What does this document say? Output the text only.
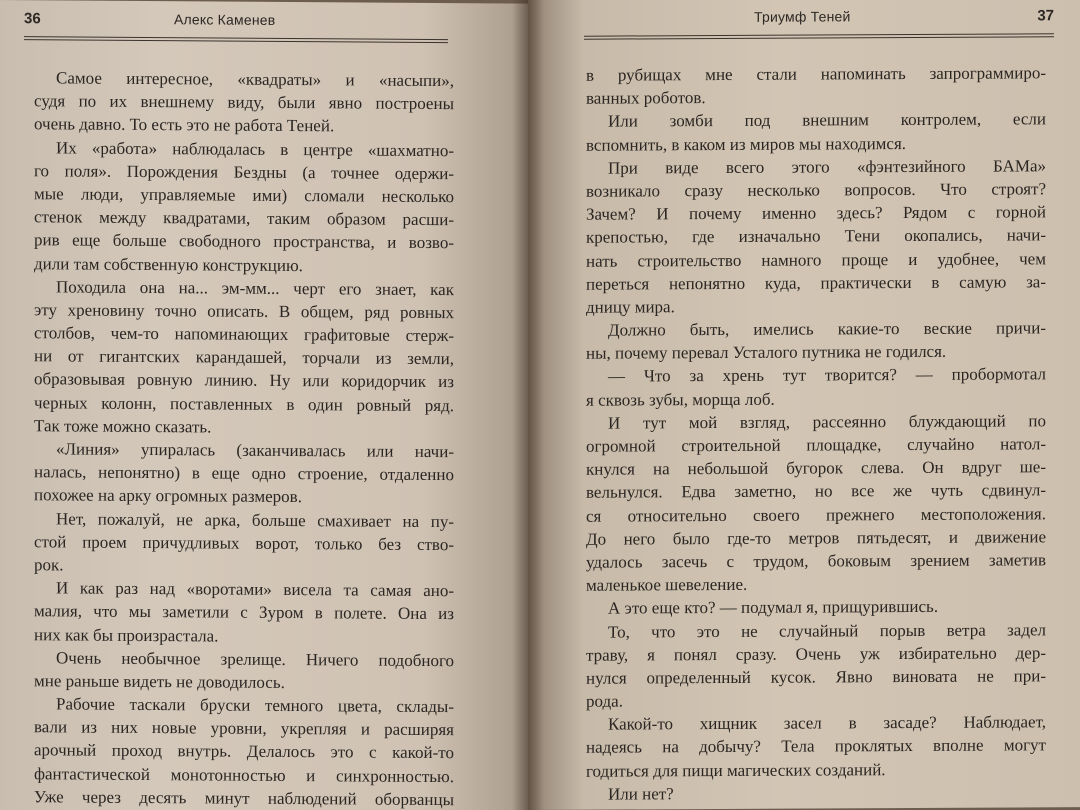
36	Алекс Каменев
Самое интересное, «квадраты» и «насыпи»,
судя по их внешнему виду, были явно построены
очень давно. То есть это не работа Теней.
Их «работа» наблюдалась в центре «шахматно-
го поля». Порождения Бездны (а точнее одержи-
мые люди, управляемые ими) сломали несколько
стенок между квадратами, таким образом расши-
рив еще больше свободного пространства, и возво-
дили там собственную конструкцию.
Походила она на... эм-мм... черт его знает, как
эту хреновину точно описать. В общем, ряд ровных
столбов, чем-то напоминающих графитовые стерж-
ни от гигантских карандашей, торчали из земли,
образовывая ровную линию. Ну или коридорчик из
черных колонн, поставленных в один ровный ряд.
Так тоже можно сказать.
«Линия» упиралась (заканчивалась или начи-
налась, непонятно) в еще одно строение, отдаленно
похожее на арку огромных размеров.
Нет, пожалуй, не арка, больше смахивает на пу-
стой проем причудливых ворот, только без ство-
рок.
И как раз над «воротами» висела та самая ано-
малия, что мы заметили с Зуром в полете. Она из
них как бы произрастала.
Очень необычное зрелище. Ничего подобного
мне раньше видеть не доводилось.
Рабочие таскали бруски темного цвета, склады-
вали из них новые уровни, укрепляя и расширяя
арочный проход внутрь. Делалось это с какой-то
фантастической монотонностью и синхронностью.
Уже через десять минут наблюдений оборванцы
Триумф Теней	37
в рубищах мне стали напоминать запрограммиро-
ванных роботов.
Или зомби под внешним контролем, если
вспомнить, в каком из миров мы находимся.
При виде всего этого «фэнтезийного БАМа»
возникало сразу несколько вопросов. Что строят?
Зачем? И почему именно здесь? Рядом с горной
крепостью, где изначально Тени окопались, начи-
нать строительство намного проще и удобнее, чем
переться непонятно куда, практически в самую за-
дницу мира.
Должно быть, имелись какие-то веские причи-
ны, почему перевал Усталого путника не годился.
— Что за хрень тут творится? — пробормотал
я сквозь зубы, морща лоб.
И тут мой взгляд, рассеянно блуждающий по
огромной строительной площадке, случайно натол-
кнулся на небольшой бугорок слева. Он вдруг ше-
вельнулся. Едва заметно, но все же чуть сдвинул-
ся относительно своего прежнего местоположения.
До него было где-то метров пятьдесят, и движение
удалось засечь с трудом, боковым зрением заметив
маленькое шевеление.
А это еще кто? — подумал я, прищурившись.
То, что это не случайный порыв ветра задел
траву, я понял сразу. Очень уж избирательно дер-
нулся определенный кусок. Явно виновата не при-
рода.
Какой-то хищник засел в засаде? Наблюдает,
надеясь на добычу? Тела проклятых вполне могут
годиться для пищи магических созданий.
Или нет?
